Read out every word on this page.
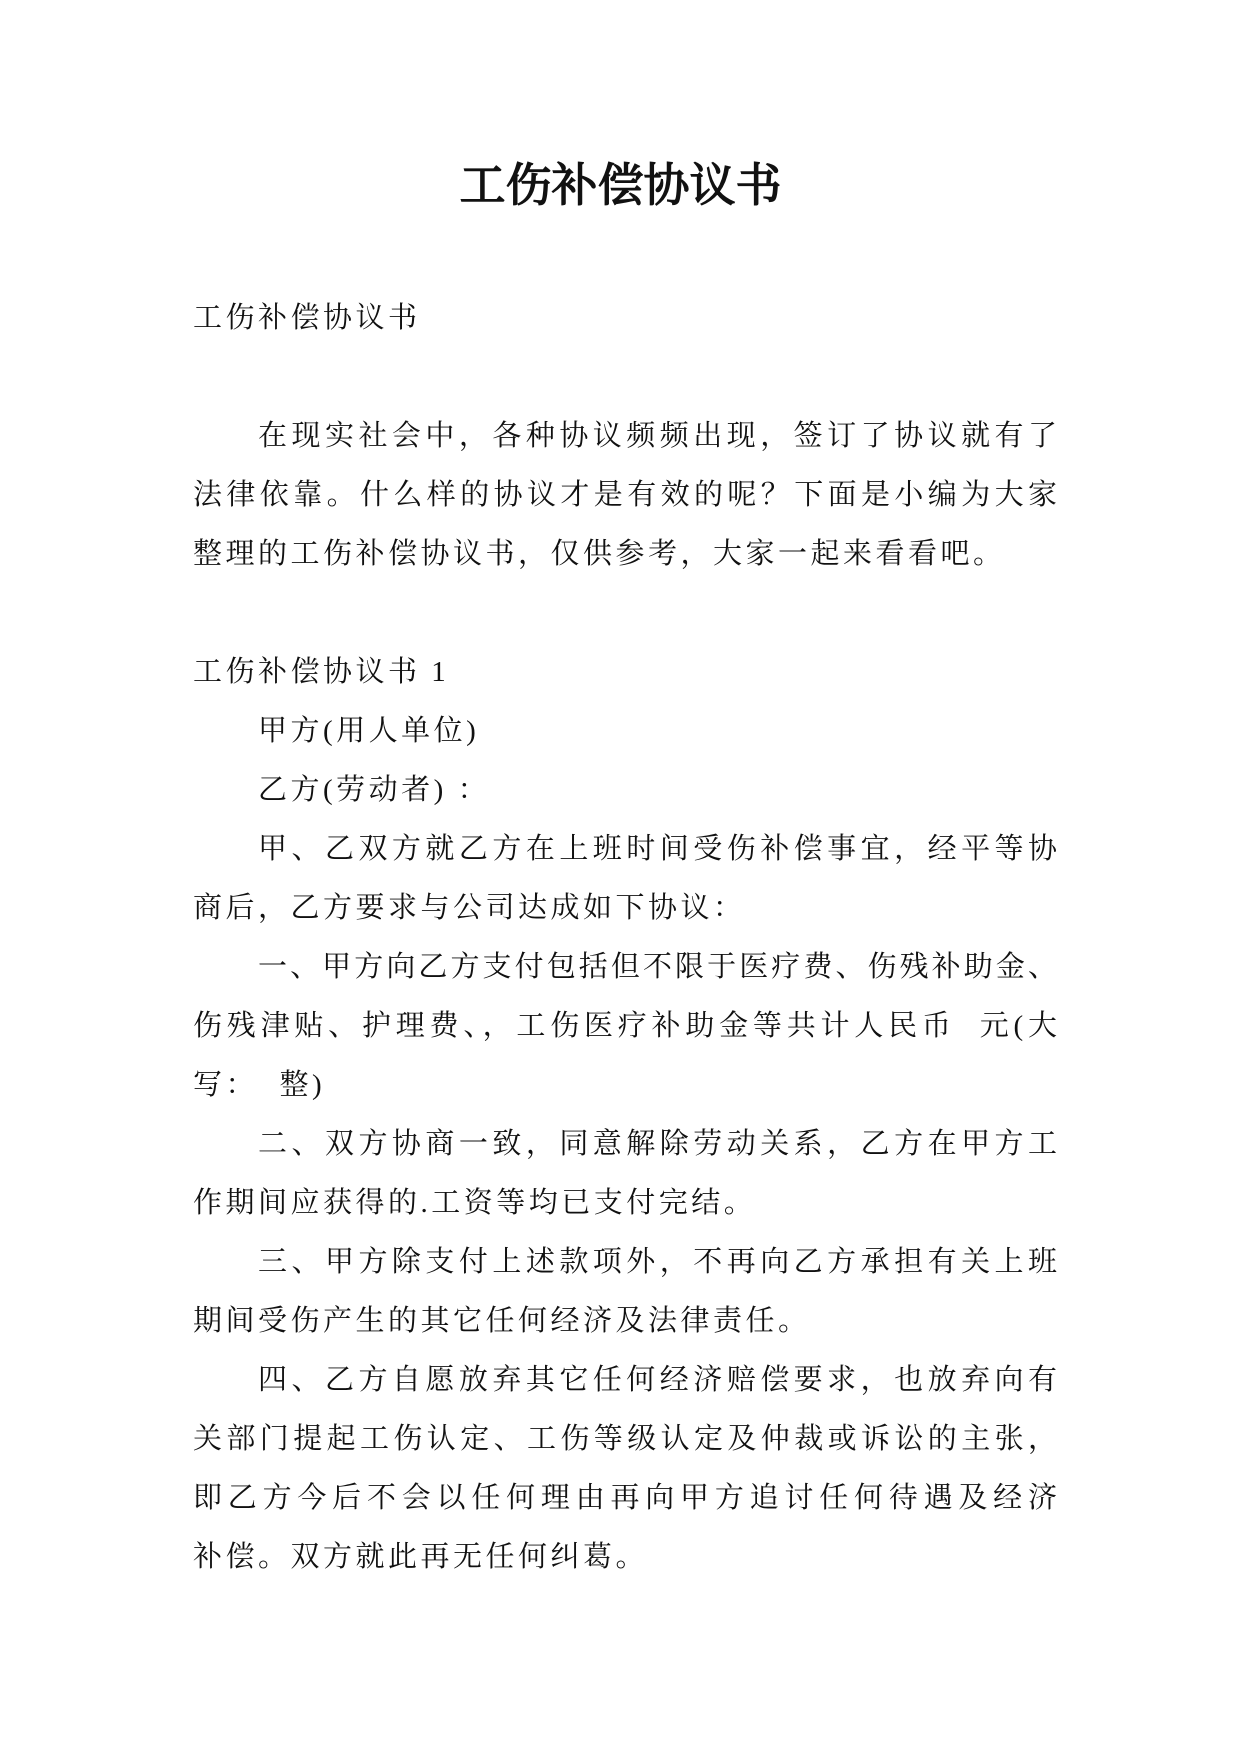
工伤补偿协议书
工伤补偿协议书
在现实社会中，各种协议频频出现，签订了协议就有了
法律依靠。什么样的协议才是有效的呢？下面是小编为大家
整理的工伤补偿协议书，仅供参考，大家一起来看看吧。
工伤补偿协议书 1
甲方(用人单位)
乙方(劳动者) ：
甲、乙双方就乙方在上班时间受伤补偿事宜，经平等协
商后，乙方要求与公司达成如下协议：
一、甲方向乙方支付包括但不限于医疗费、伤残补助金、
伤残津贴、护理费、，工伤医疗补助金等共计人民币  元(大
写：  整)
二、双方协商一致，同意解除劳动关系，乙方在甲方工
作期间应获得的.工资等均已支付完结。
三、甲方除支付上述款项外，不再向乙方承担有关上班
期间受伤产生的其它任何经济及法律责任。
四、乙方自愿放弃其它任何经济赔偿要求，也放弃向有
关部门提起工伤认定、工伤等级认定及仲裁或诉讼的主张，
即乙方今后不会以任何理由再向甲方追讨任何待遇及经济
补偿。双方就此再无任何纠葛。
